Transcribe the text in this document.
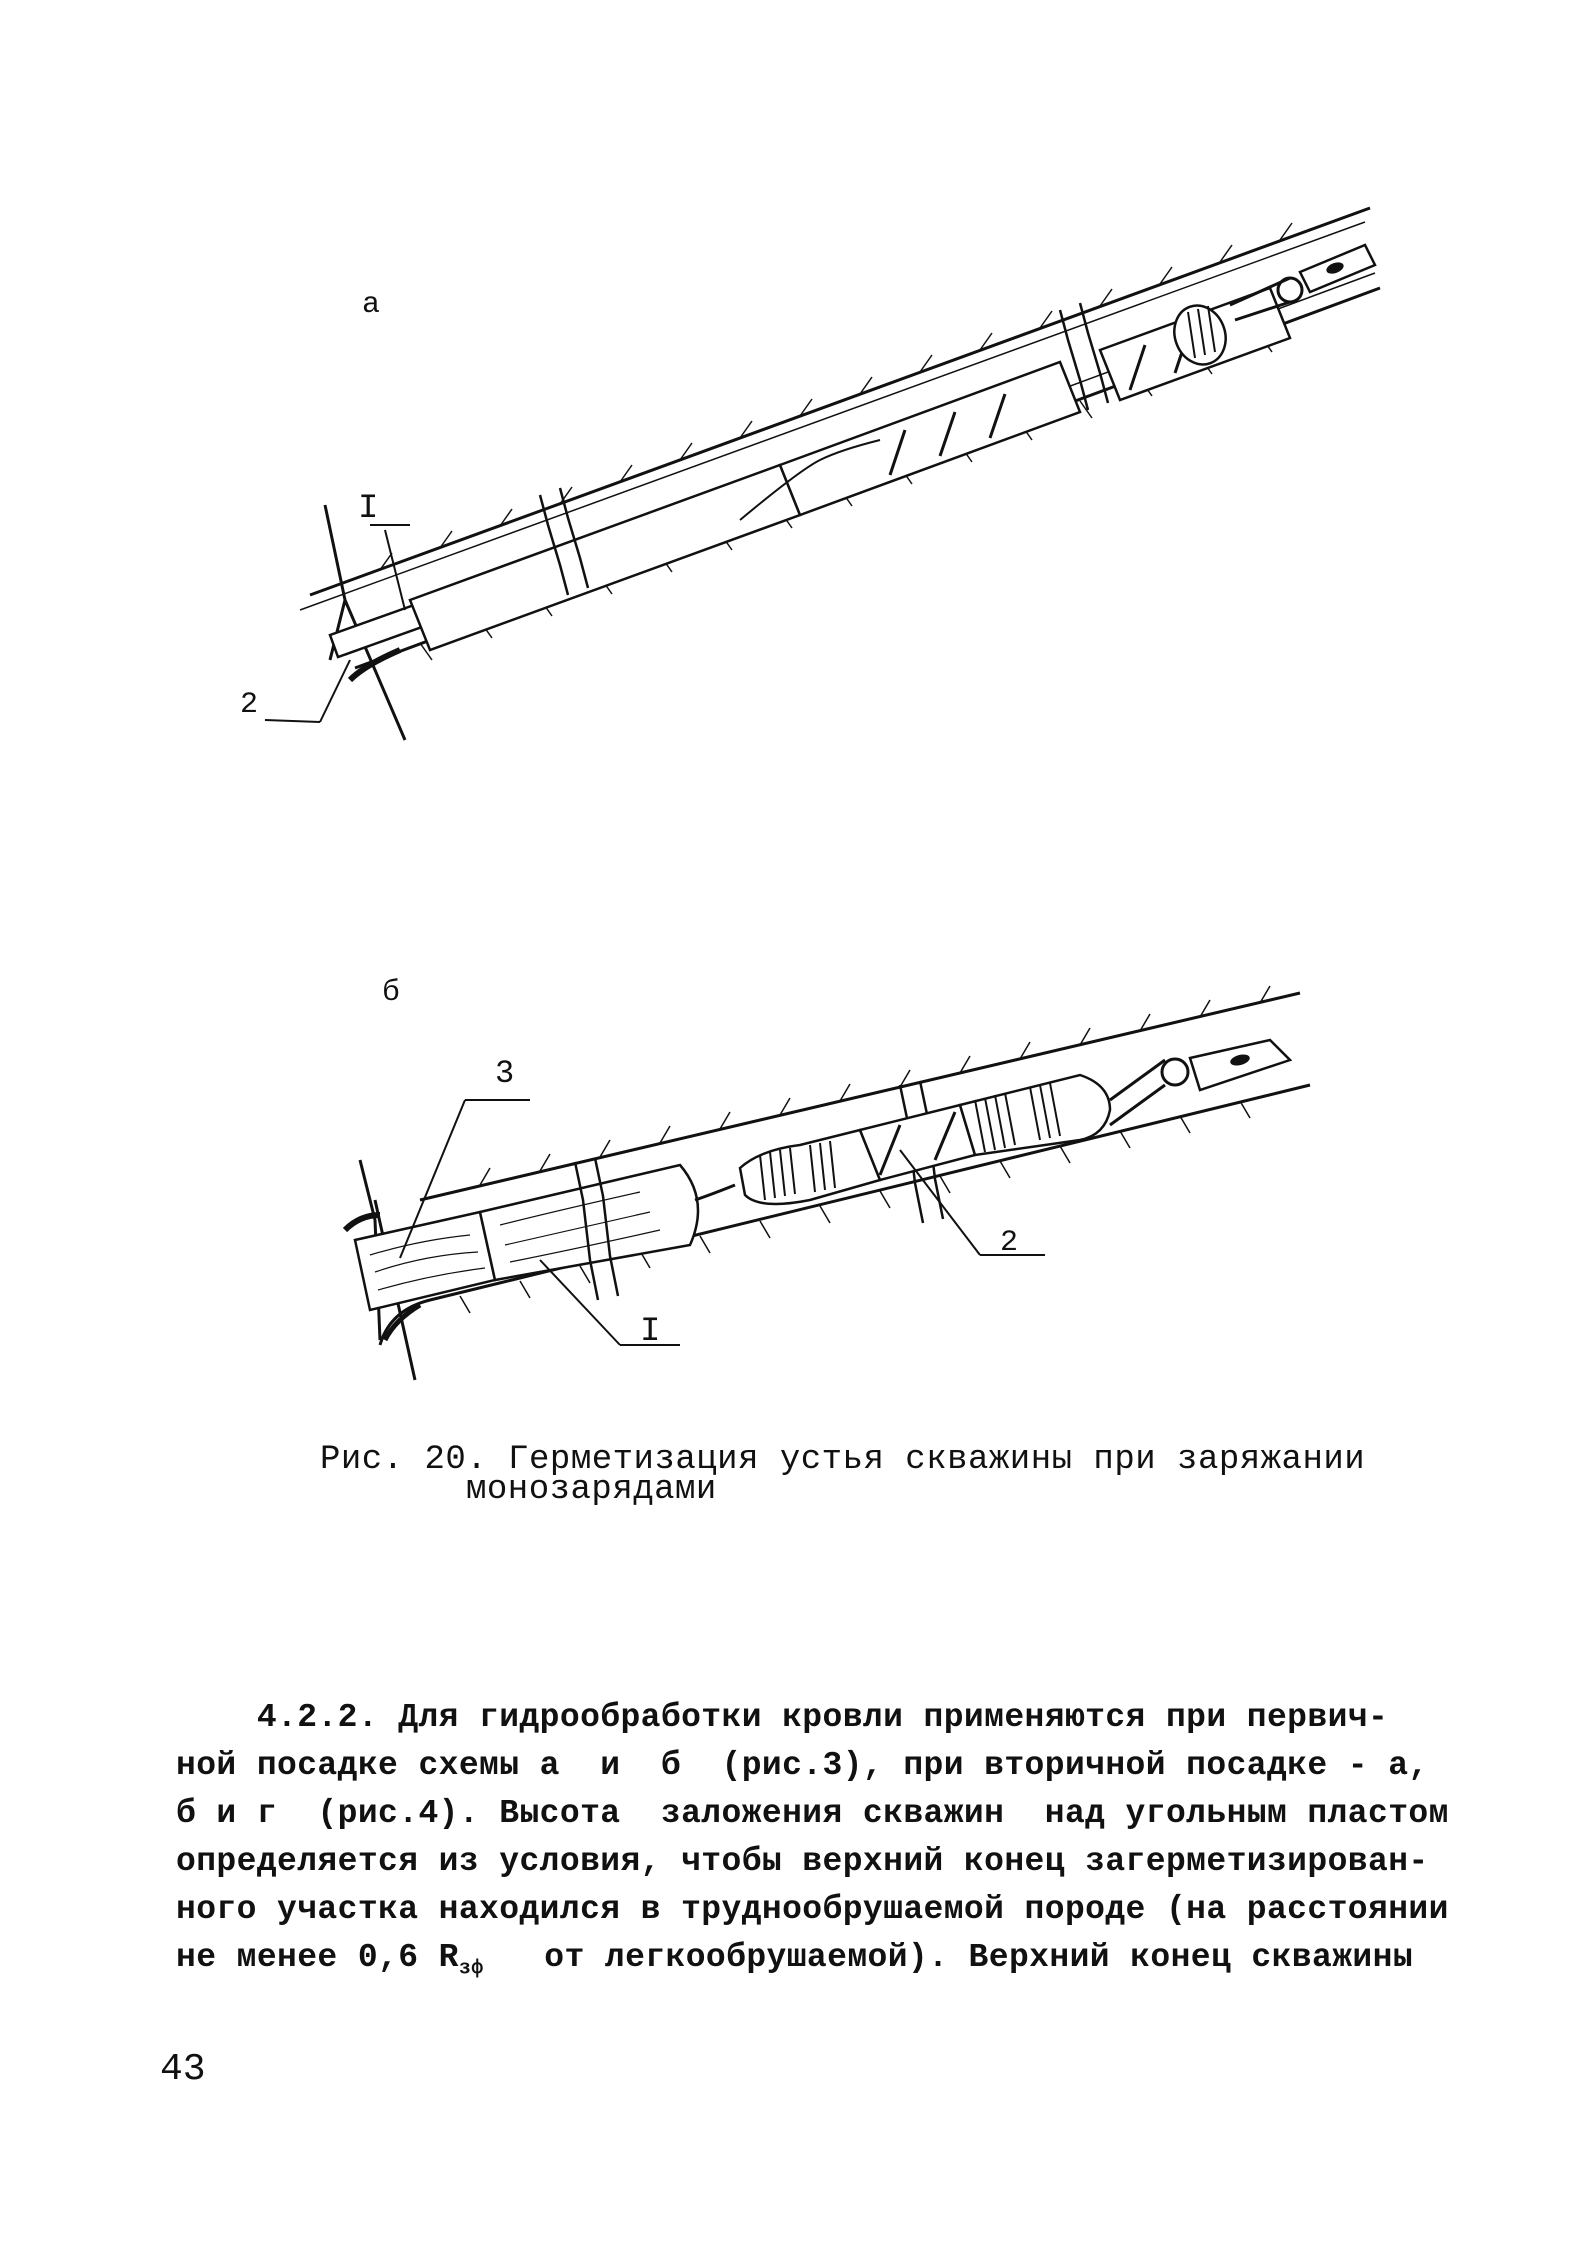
а
I
2
б
3
I
2
Рис. 20. Герметизация устья скважины при заряжании
монозарядами

4.2.2. Для гидрообработки кровли применяются при первич-

ной посадке схемы а  и  б  (рис.3), при вторичной посадке - а,

б и г  (рис.4). Высота  заложения скважин  над угольным пластом

определяется из условия, чтобы верхний конец загерметизирован-

ного участка находился в труднообрушаемой породе (на расстоянии

не менее 0,6 $R_{зф}$   от легкообрушаемой). Верхний конец скважины

43
